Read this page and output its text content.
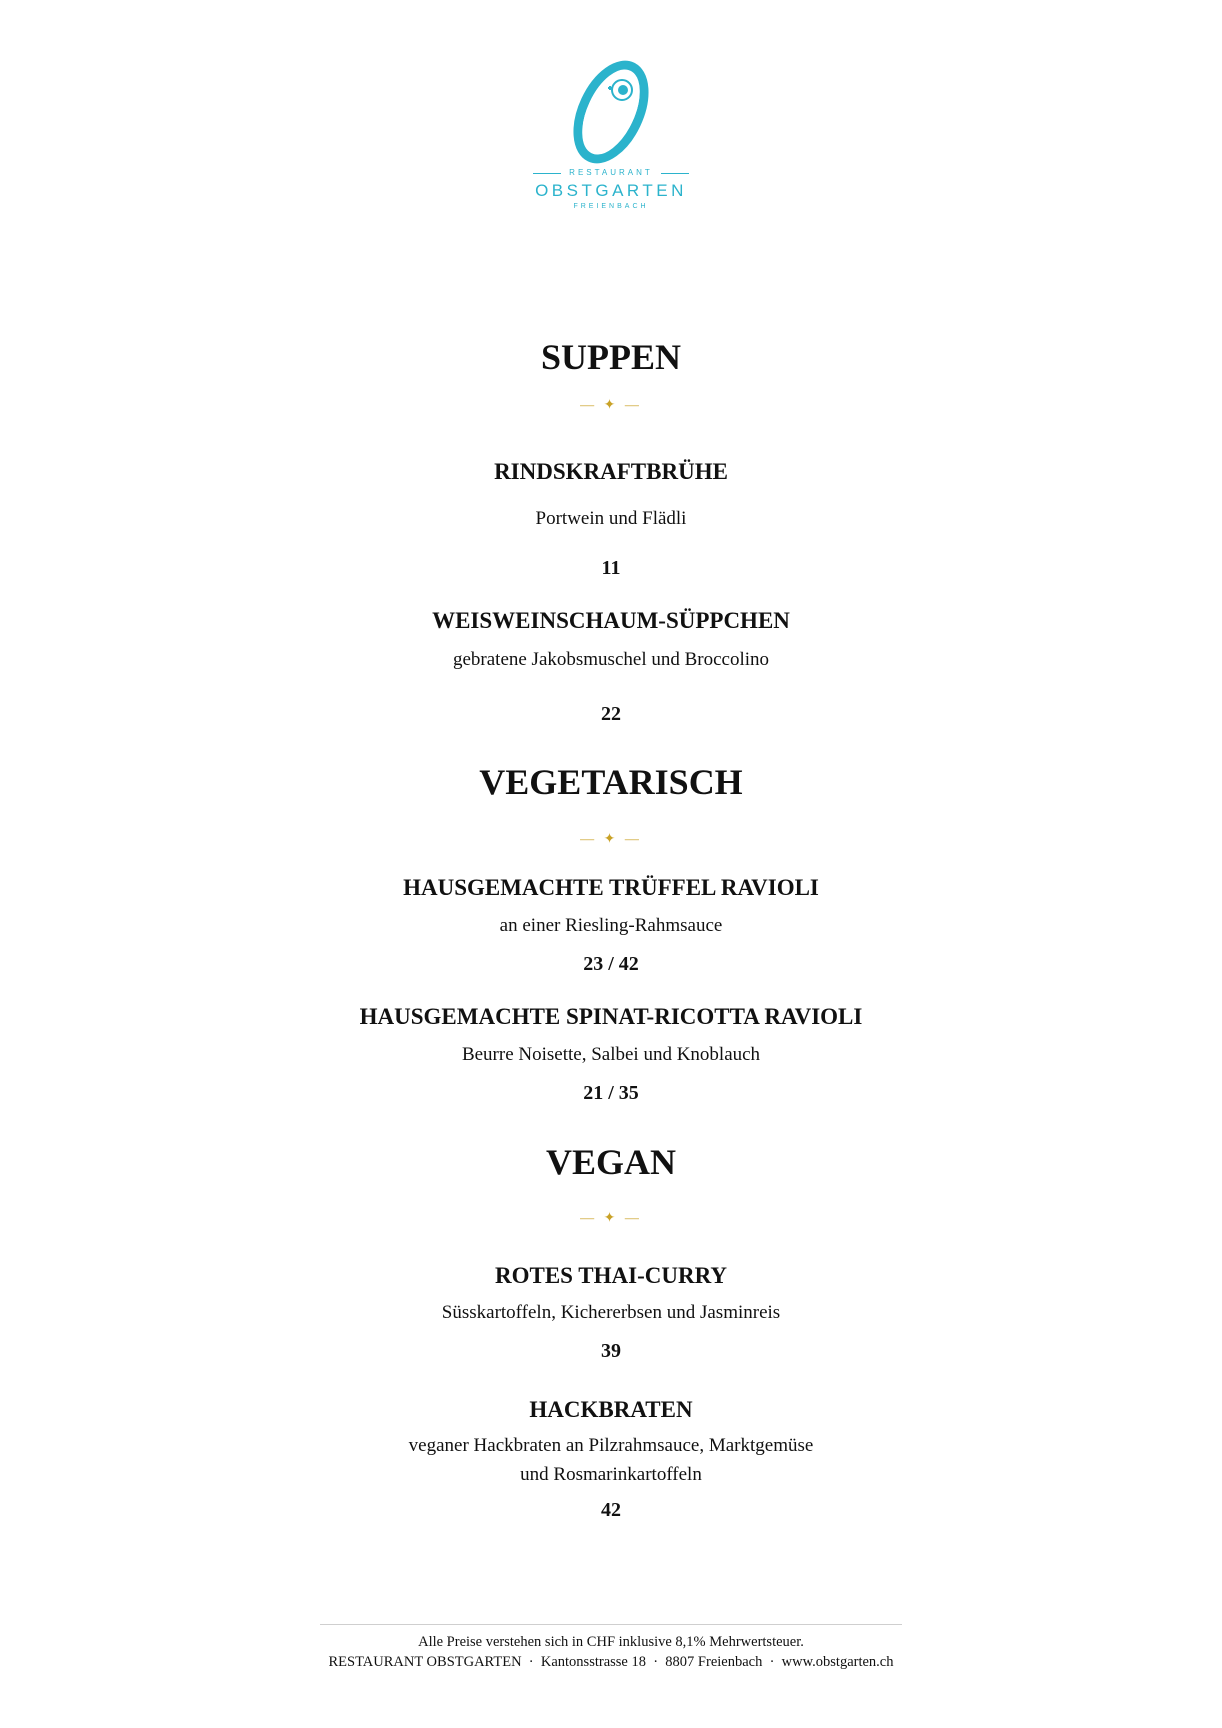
RESTAURANT
OBSTGARTEN
FREIENBACH
SUPPEN
— ✦ —
RINDSKRAFTBRÜHE
Portwein und Flädli
11
WEISWEINSCHAUM-SÜPPCHEN
gebratene Jakobsmuschel und Broccolino
22
VEGETARISCH
— ✦ —
HAUSGEMACHTE TRÜFFEL RAVIOLI
an einer Riesling-Rahmsauce
23 / 42
HAUSGEMACHTE SPINAT-RICOTTA RAVIOLI
Beurre Noisette, Salbei und Knoblauch
21 / 35
VEGAN
— ✦ —
ROTES THAI-CURRY
Süsskartoffeln, Kichererbsen und Jasminreis
39
HACKBRATEN
veganer Hackbraten an Pilzrahmsauce, Marktgemüse
und Rosmarinkartoffeln
42
Alle Preise verstehen sich in CHF inklusive 8,1% Mehrwertsteuer.
RESTAURANT OBSTGARTEN  ·  Kantonsstrasse 18  ·  8807 Freienbach  ·  www.obstgarten.ch
